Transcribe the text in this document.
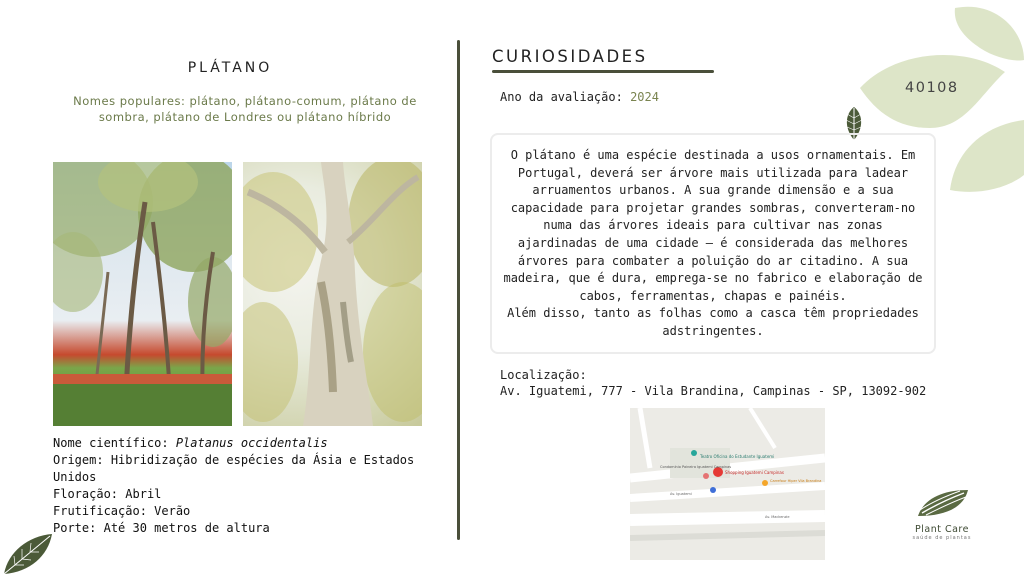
PLÁTANO
Nomes populares: plátano, plátano-comum, plátano de sombra, plátano de Londres ou plátano híbrido
Nome científico: Platanus occidentalis
Origem: Hibridização de espécies da Ásia e Estados Unidos
Floração: Abril
Frutificação: Verão
Porte: Até 30 metros de altura
CURIOSIDADES
Ano da avaliação: 2024
O plátano é uma espécie destinada a usos ornamentais. Em Portugal, deverá ser árvore mais utilizada para ladear arruamentos urbanos. A sua grande dimensão e a sua capacidade para projetar grandes sombras, converteram-no numa das árvores ideais para cultivar nas zonas ajardinadas de uma cidade – é considerada das melhores árvores para combater a poluição do ar citadino. A sua madeira, que é dura, emprega-se no fabrico e elaboração de cabos, ferramentas, chapas e painéis.
Além disso, tanto as folhas como a casca têm propriedades adstringentes.
Localização:
Av. Iguatemi, 777 - Vila Brandina, Campinas - SP, 13092-902
Teatro Oficina do Estudante Iguatemi
Shopping Iguatemi Campinas
Condomínio Paineira Iguatemi Campinas
Carrefour Hiper Vila Brandina
Av. Iguatemi
Av. Mackenzie
40108
Plant Care
saúde de plantas
